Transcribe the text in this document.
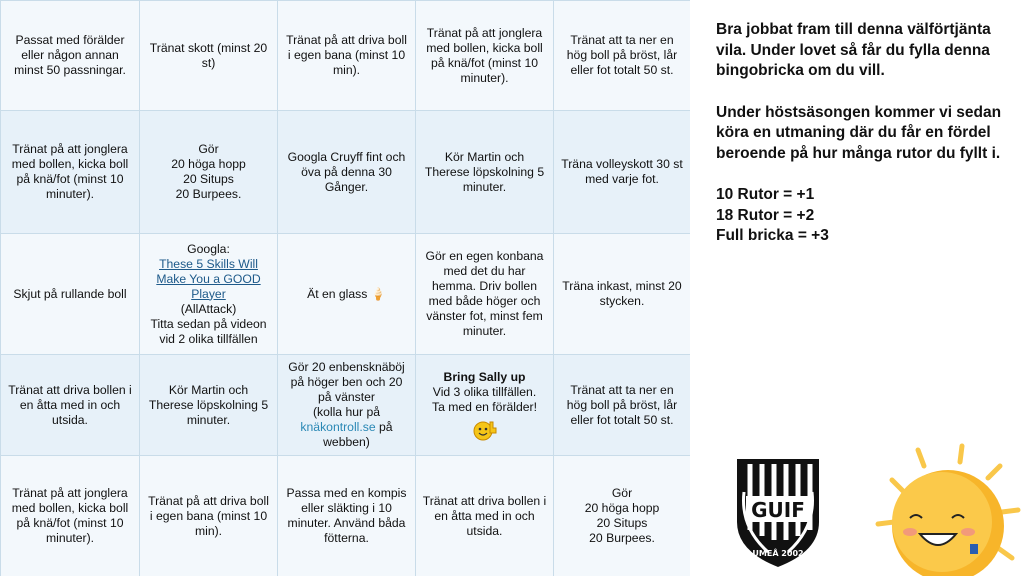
Passat med förälder eller någon annan minst 50 passningar.
Tränat skott (minst 20 st)
Tränat på att driva boll i egen bana (minst 10 min).
Tränat på att jonglera med bollen, kicka boll på knä/fot (minst 10 minuter).
Tränat att ta ner en hög boll på bröst, lår eller fot totalt 50 st.
Tränat på att jonglera med bollen, kicka boll på knä/fot (minst 10 minuter).
Gör
20 höga hopp
20 Situps
20 Burpees.
Googla Cruyff fint och öva på denna 30 Gånger.
Kör Martin och Therese löpskolning 5 minuter.
Träna volleyskott 30 st med varje fot.
Skjut på rullande boll
Googla:
These 5 Skills Will Make You a GOOD Player
(AllAttack)
Titta sedan på videon vid 2 olika tillfällen
Ät en glass 🍦
Gör en egen konbana med det du har hemma. Driv bollen med både höger och vänster fot, minst fem minuter.
Träna inkast, minst 20 stycken.
Tränat att driva bollen i en åtta med in och utsida.
Kör Martin och Therese löpskolning 5 minuter.
Gör 20 enbensknäböj på höger ben och 20 på vänster
(kolla hur på
knäkontroll.se på
webben)
Bring Sally up
Vid 3 olika tillfällen.
Ta med en förälder!
Tränat att ta ner en hög boll på bröst, lår eller fot totalt 50 st.
Tränat på att jonglera med bollen, kicka boll på knä/fot (minst 10 minuter).
Tränat på att driva boll i egen bana (minst 10 min).
Passa med en kompis eller släkting i 10 minuter. Använd båda fötterna.
Tränat att driva bollen i en åtta med in och utsida.
Gör
20 höga hopp
20 Situps
20 Burpees.

Bra jobbat fram till denna välförtjänta vila. Under lovet så får du fylla denna bingobricka om du vill.

Under höstsäsongen kommer vi sedan köra en utmaning där du får en fördel beroende på hur många rutor du fyllt i.

10 Rutor = +1
18 Rutor = +2
Full bricka = +3
GUIF
UMEÅ 2002
